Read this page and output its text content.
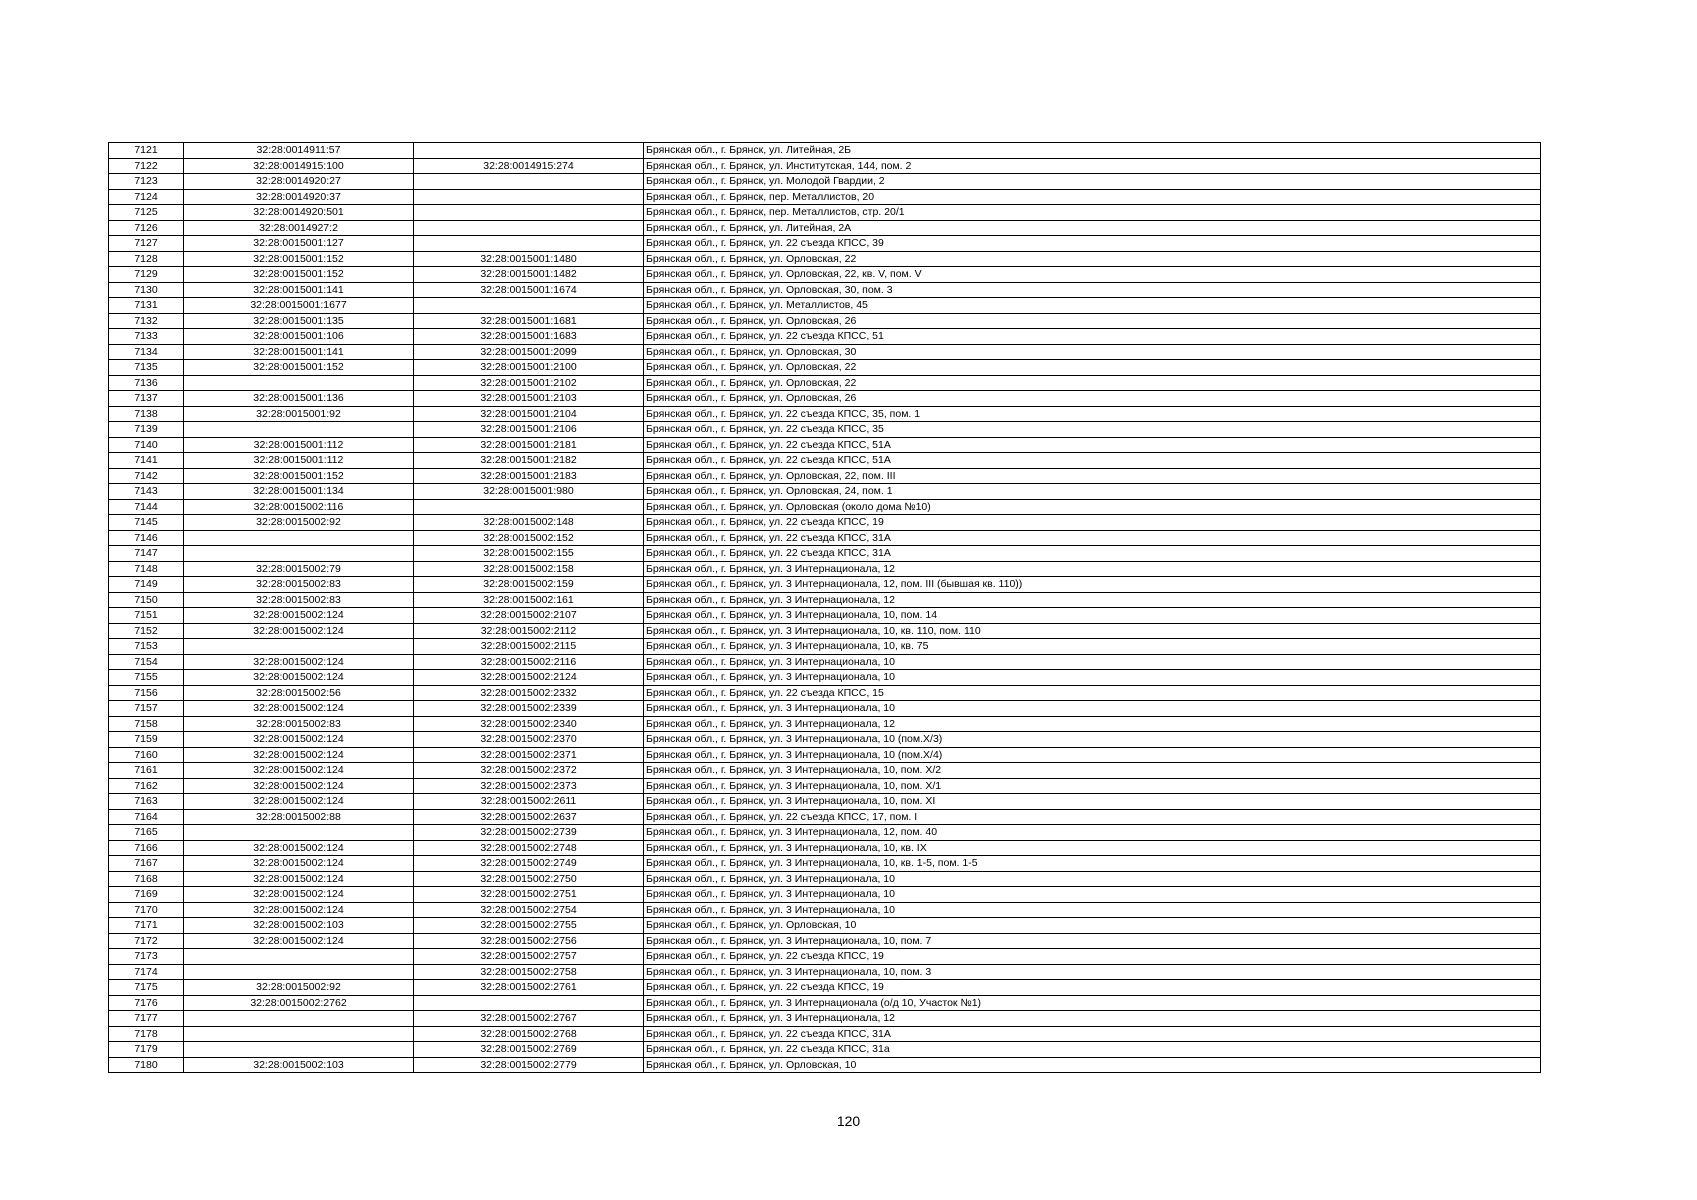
7121	32:28:0014911:57		Брянская обл., г. Брянск, ул. Литейная, 2Б
7122	32:28:0014915:100	32:28:0014915:274	Брянская обл., г. Брянск, ул. Институтская, 144, пом. 2
7123	32:28:0014920:27		Брянская обл., г. Брянск, ул. Молодой Гвардии, 2
7124	32:28:0014920:37		Брянская обл., г. Брянск, пер. Металлистов, 20
7125	32:28:0014920:501		Брянская обл., г. Брянск, пер. Металлистов, стр. 20/1
7126	32:28:0014927:2		Брянская обл., г. Брянск, ул. Литейная, 2А
7127	32:28:0015001:127		Брянская обл., г. Брянск, ул. 22 съезда КПСС, 39
7128	32:28:0015001:152	32:28:0015001:1480	Брянская обл., г. Брянск, ул. Орловская, 22
7129	32:28:0015001:152	32:28:0015001:1482	Брянская обл., г. Брянск, ул. Орловская, 22, кв. V, пом. V
7130	32:28:0015001:141	32:28:0015001:1674	Брянская обл., г. Брянск, ул. Орловская, 30, пом. 3
7131	32:28:0015001:1677		Брянская обл., г. Брянск, ул. Металлистов, 45
7132	32:28:0015001:135	32:28:0015001:1681	Брянская обл., г. Брянск, ул. Орловская, 26
7133	32:28:0015001:106	32:28:0015001:1683	Брянская обл., г. Брянск, ул. 22 съезда КПСС, 51
7134	32:28:0015001:141	32:28:0015001:2099	Брянская обл., г. Брянск, ул. Орловская, 30
7135	32:28:0015001:152	32:28:0015001:2100	Брянская обл., г. Брянск, ул. Орловская, 22
7136		32:28:0015001:2102	Брянская обл., г. Брянск, ул. Орловская, 22
7137	32:28:0015001:136	32:28:0015001:2103	Брянская обл., г. Брянск, ул. Орловская, 26
7138	32:28:0015001:92	32:28:0015001:2104	Брянская обл., г. Брянск, ул. 22 съезда КПСС, 35, пом. 1
7139		32:28:0015001:2106	Брянская обл., г. Брянск, ул. 22 съезда КПСС, 35
7140	32:28:0015001:112	32:28:0015001:2181	Брянская обл., г. Брянск, ул. 22 съезда КПСС, 51А
7141	32:28:0015001:112	32:28:0015001:2182	Брянская обл., г. Брянск, ул. 22 съезда КПСС, 51А
7142	32:28:0015001:152	32:28:0015001:2183	Брянская обл., г. Брянск, ул. Орловская, 22, пом. III
7143	32:28:0015001:134	32:28:0015001:980	Брянская обл., г. Брянск, ул. Орловская, 24, пом. 1
7144	32:28:0015002:116		Брянская обл., г. Брянск, ул. Орловская (около дома №10)
7145	32:28:0015002:92	32:28:0015002:148	Брянская обл., г. Брянск, ул. 22 съезда КПСС, 19
7146		32:28:0015002:152	Брянская обл., г. Брянск, ул. 22 съезда КПСС, 31А
7147		32:28:0015002:155	Брянская обл., г. Брянск, ул. 22 съезда КПСС, 31А
7148	32:28:0015002:79	32:28:0015002:158	Брянская обл., г. Брянск, ул. 3 Интернационала, 12
7149	32:28:0015002:83	32:28:0015002:159	Брянская обл., г. Брянск, ул. 3 Интернационала, 12, пом. III (бывшая кв. 110))
7150	32:28:0015002:83	32:28:0015002:161	Брянская обл., г. Брянск, ул. 3 Интернационала, 12
7151	32:28:0015002:124	32:28:0015002:2107	Брянская обл., г. Брянск, ул. 3 Интернационала, 10, пом. 14
7152	32:28:0015002:124	32:28:0015002:2112	Брянская обл., г. Брянск, ул. 3 Интернационала, 10, кв. 110, пом. 110
7153		32:28:0015002:2115	Брянская обл., г. Брянск, ул. 3 Интернационала, 10, кв. 75
7154	32:28:0015002:124	32:28:0015002:2116	Брянская обл., г. Брянск, ул. 3 Интернационала, 10
7155	32:28:0015002:124	32:28:0015002:2124	Брянская обл., г. Брянск, ул. 3 Интернационала, 10
7156	32:28:0015002:56	32:28:0015002:2332	Брянская обл., г. Брянск, ул. 22 съезда КПСС, 15
7157	32:28:0015002:124	32:28:0015002:2339	Брянская обл., г. Брянск, ул. 3 Интернационала, 10
7158	32:28:0015002:83	32:28:0015002:2340	Брянская обл., г. Брянск, ул. 3 Интернационала, 12
7159	32:28:0015002:124	32:28:0015002:2370	Брянская обл., г. Брянск, ул. 3 Интернационала, 10 (пом.Х/3)
7160	32:28:0015002:124	32:28:0015002:2371	Брянская обл., г. Брянск, ул. 3 Интернационала, 10 (пом.Х/4)
7161	32:28:0015002:124	32:28:0015002:2372	Брянская обл., г. Брянск, ул. 3 Интернационала, 10, пом. Х/2
7162	32:28:0015002:124	32:28:0015002:2373	Брянская обл., г. Брянск, ул. 3 Интернационала, 10, пом. Х/1
7163	32:28:0015002:124	32:28:0015002:2611	Брянская обл., г. Брянск, ул. 3 Интернационала, 10, пом. XI
7164	32:28:0015002:88	32:28:0015002:2637	Брянская обл., г. Брянск, ул. 22 съезда КПСС, 17, пом. I
7165		32:28:0015002:2739	Брянская обл., г. Брянск, ул. 3 Интернационала, 12, пом. 40
7166	32:28:0015002:124	32:28:0015002:2748	Брянская обл., г. Брянск, ул. 3 Интернационала, 10, кв. IX
7167	32:28:0015002:124	32:28:0015002:2749	Брянская обл., г. Брянск, ул. 3 Интернационала, 10, кв. 1-5, пом. 1-5
7168	32:28:0015002:124	32:28:0015002:2750	Брянская обл., г. Брянск, ул. 3 Интернационала, 10
7169	32:28:0015002:124	32:28:0015002:2751	Брянская обл., г. Брянск, ул. 3 Интернационала, 10
7170	32:28:0015002:124	32:28:0015002:2754	Брянская обл., г. Брянск, ул. 3 Интернационала, 10
7171	32:28:0015002:103	32:28:0015002:2755	Брянская обл., г. Брянск, ул. Орловская, 10
7172	32:28:0015002:124	32:28:0015002:2756	Брянская обл., г. Брянск, ул. 3 Интернационала, 10, пом. 7
7173		32:28:0015002:2757	Брянская обл., г. Брянск, ул. 22 съезда КПСС, 19
7174		32:28:0015002:2758	Брянская обл., г. Брянск, ул. 3 Интернационала, 10, пом. 3
7175	32:28:0015002:92	32:28:0015002:2761	Брянская обл., г. Брянск, ул. 22 съезда КПСС, 19
7176	32:28:0015002:2762		Брянская обл., г. Брянск, ул. 3 Интернационала (о/д 10, Участок №1)
7177		32:28:0015002:2767	Брянская обл., г. Брянск, ул. 3 Интернационала, 12
7178		32:28:0015002:2768	Брянская обл., г. Брянск, ул. 22 съезда КПСС, 31А
7179		32:28:0015002:2769	Брянская обл., г. Брянск, ул. 22 съезда КПСС, 31а
7180	32:28:0015002:103	32:28:0015002:2779	Брянская обл., г. Брянск, ул. Орловская, 10
120
